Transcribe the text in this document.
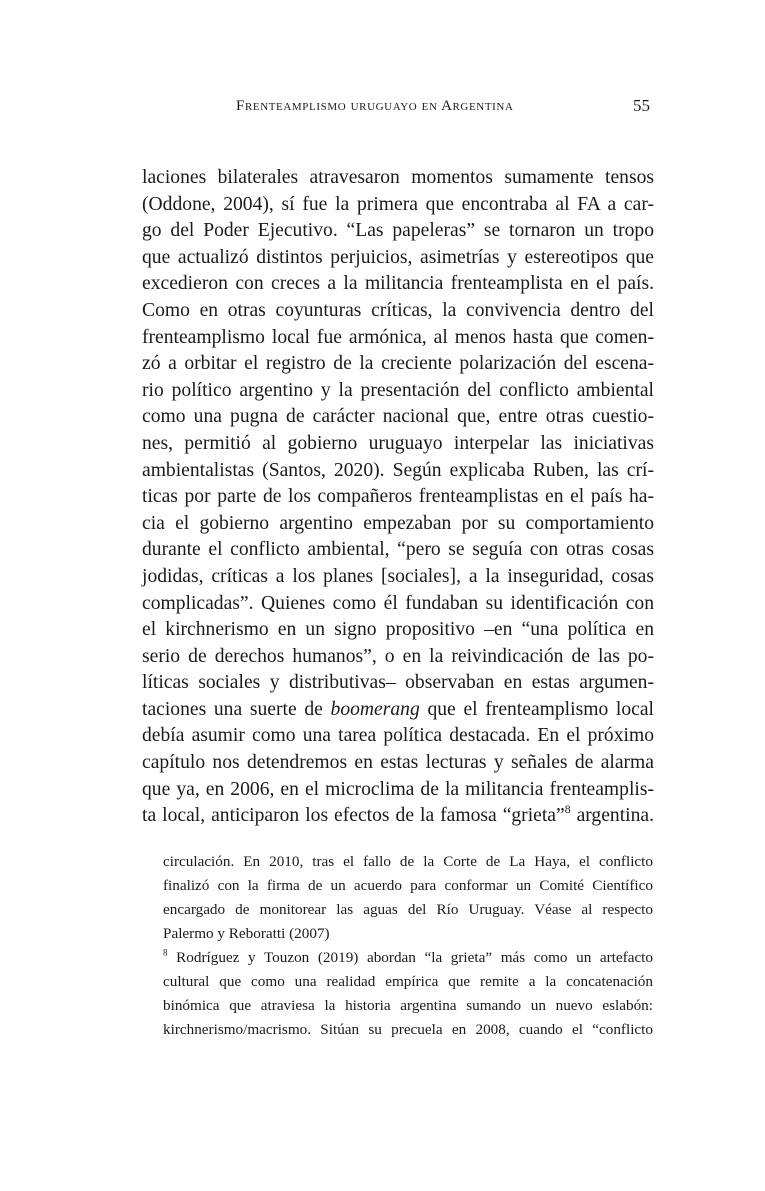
Frenteamplismo uruguayo en Argentina	55
laciones bilaterales atravesaron momentos sumamente tensos
(Oddone, 2004), sí fue la primera que encontraba al FA a car-
go del Poder Ejecutivo. “Las papeleras” se tornaron un tropo
que actualizó distintos perjuicios, asimetrías y estereotipos que
excedieron con creces a la militancia frenteamplista en el país.
Como en otras coyunturas críticas, la convivencia dentro del
frenteamplismo local fue armónica, al menos hasta que comen-
zó a orbitar el registro de la creciente polarización del escena-
rio político argentino y la presentación del conflicto ambiental
como una pugna de carácter nacional que, entre otras cuestio-
nes, permitió al gobierno uruguayo interpelar las iniciativas
ambientalistas (Santos, 2020). Según explicaba Ruben, las crí-
ticas por parte de los compañeros frenteamplistas en el país ha-
cia el gobierno argentino empezaban por su comportamiento
durante el conflicto ambiental, “pero se seguía con otras cosas
jodidas, críticas a los planes [sociales], a la inseguridad, cosas
complicadas”. Quienes como él fundaban su identificación con
el kirchnerismo en un signo propositivo –en “una política en
serio de derechos humanos”, o en la reivindicación de las po-
líticas sociales y distributivas– observaban en estas argumen-
taciones una suerte de boomerang que el frenteamplismo local
debía asumir como una tarea política destacada. En el próximo
capítulo nos detendremos en estas lecturas y señales de alarma
que ya, en 2006, en el microclima de la militancia frenteamplis-
ta local, anticiparon los efectos de la famosa “grieta”$^8$ argentina.
circulación. En 2010, tras el fallo de la Corte de La Haya, el conflicto
finalizó con la firma de un acuerdo para conformar un Comité Científico
encargado de monitorear las aguas del Río Uruguay. Véase al respecto
Palermo y Reboratti (2007)
$^8$ Rodríguez y Touzon (2019) abordan “la grieta” más como un artefacto
cultural que como una realidad empírica que remite a la concatenación
binómica que atraviesa la historia argentina sumando un nuevo eslabón:
kirchnerismo/macrismo. Sitúan su precuela en 2008, cuando el “conflicto
